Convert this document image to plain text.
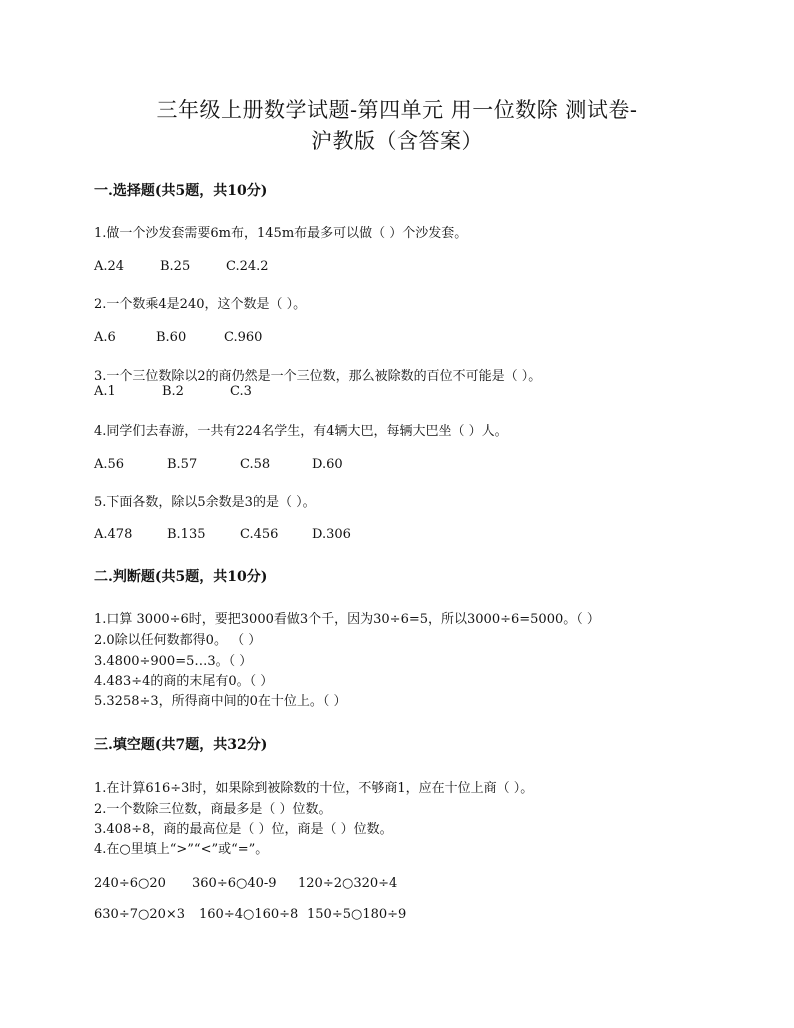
三年级上册数学试题-第四单元 用一位数除 测试卷-
沪教版（含答案）
一.选择题(共5题，共10分)
1.做一个沙发套需要6m布，145m布最多可以做（ ）个沙发套。
A.24	B.25	C.24.2
2.一个数乘4是240，这个数是（ ）。
A.6	B.60	C.960
3.一个三位数除以2的商仍然是一个三位数，那么被除数的百位不可能是（ ）。
A.1	B.2	C.3
4.同学们去春游，一共有224名学生，有4辆大巴，每辆大巴坐（ ）人。
A.56	B.57	C.58	D.60
5.下面各数，除以5余数是3的是（ ）。
A.478	B.135	C.456	D.306
二.判断题(共5题，共10分)
1.口算 3000÷6时，要把3000看做3个千，因为30÷6=5，所以3000÷6=5000。（ ）
2.0除以任何数都得0。 （ ）
3.4800÷900=5…3。（ ）
4.483÷4的商的末尾有0。（ ）
5.3258÷3，所得商中间的0在十位上。（ ）
三.填空题(共7题，共32分)
1.在计算616÷3时，如果除到被除数的十位，不够商1，应在十位上商（ ）。
2.一个数除三位数，商最多是（ ）位数。
3.408÷8，商的最高位是（ ）位，商是（ ）位数。
4.在○里填上“>”“<”或“=”。
240÷6○20	360÷6○40-9	120÷2○320÷4
630÷7○20×3	160÷4○160÷8 150÷5○180÷9
